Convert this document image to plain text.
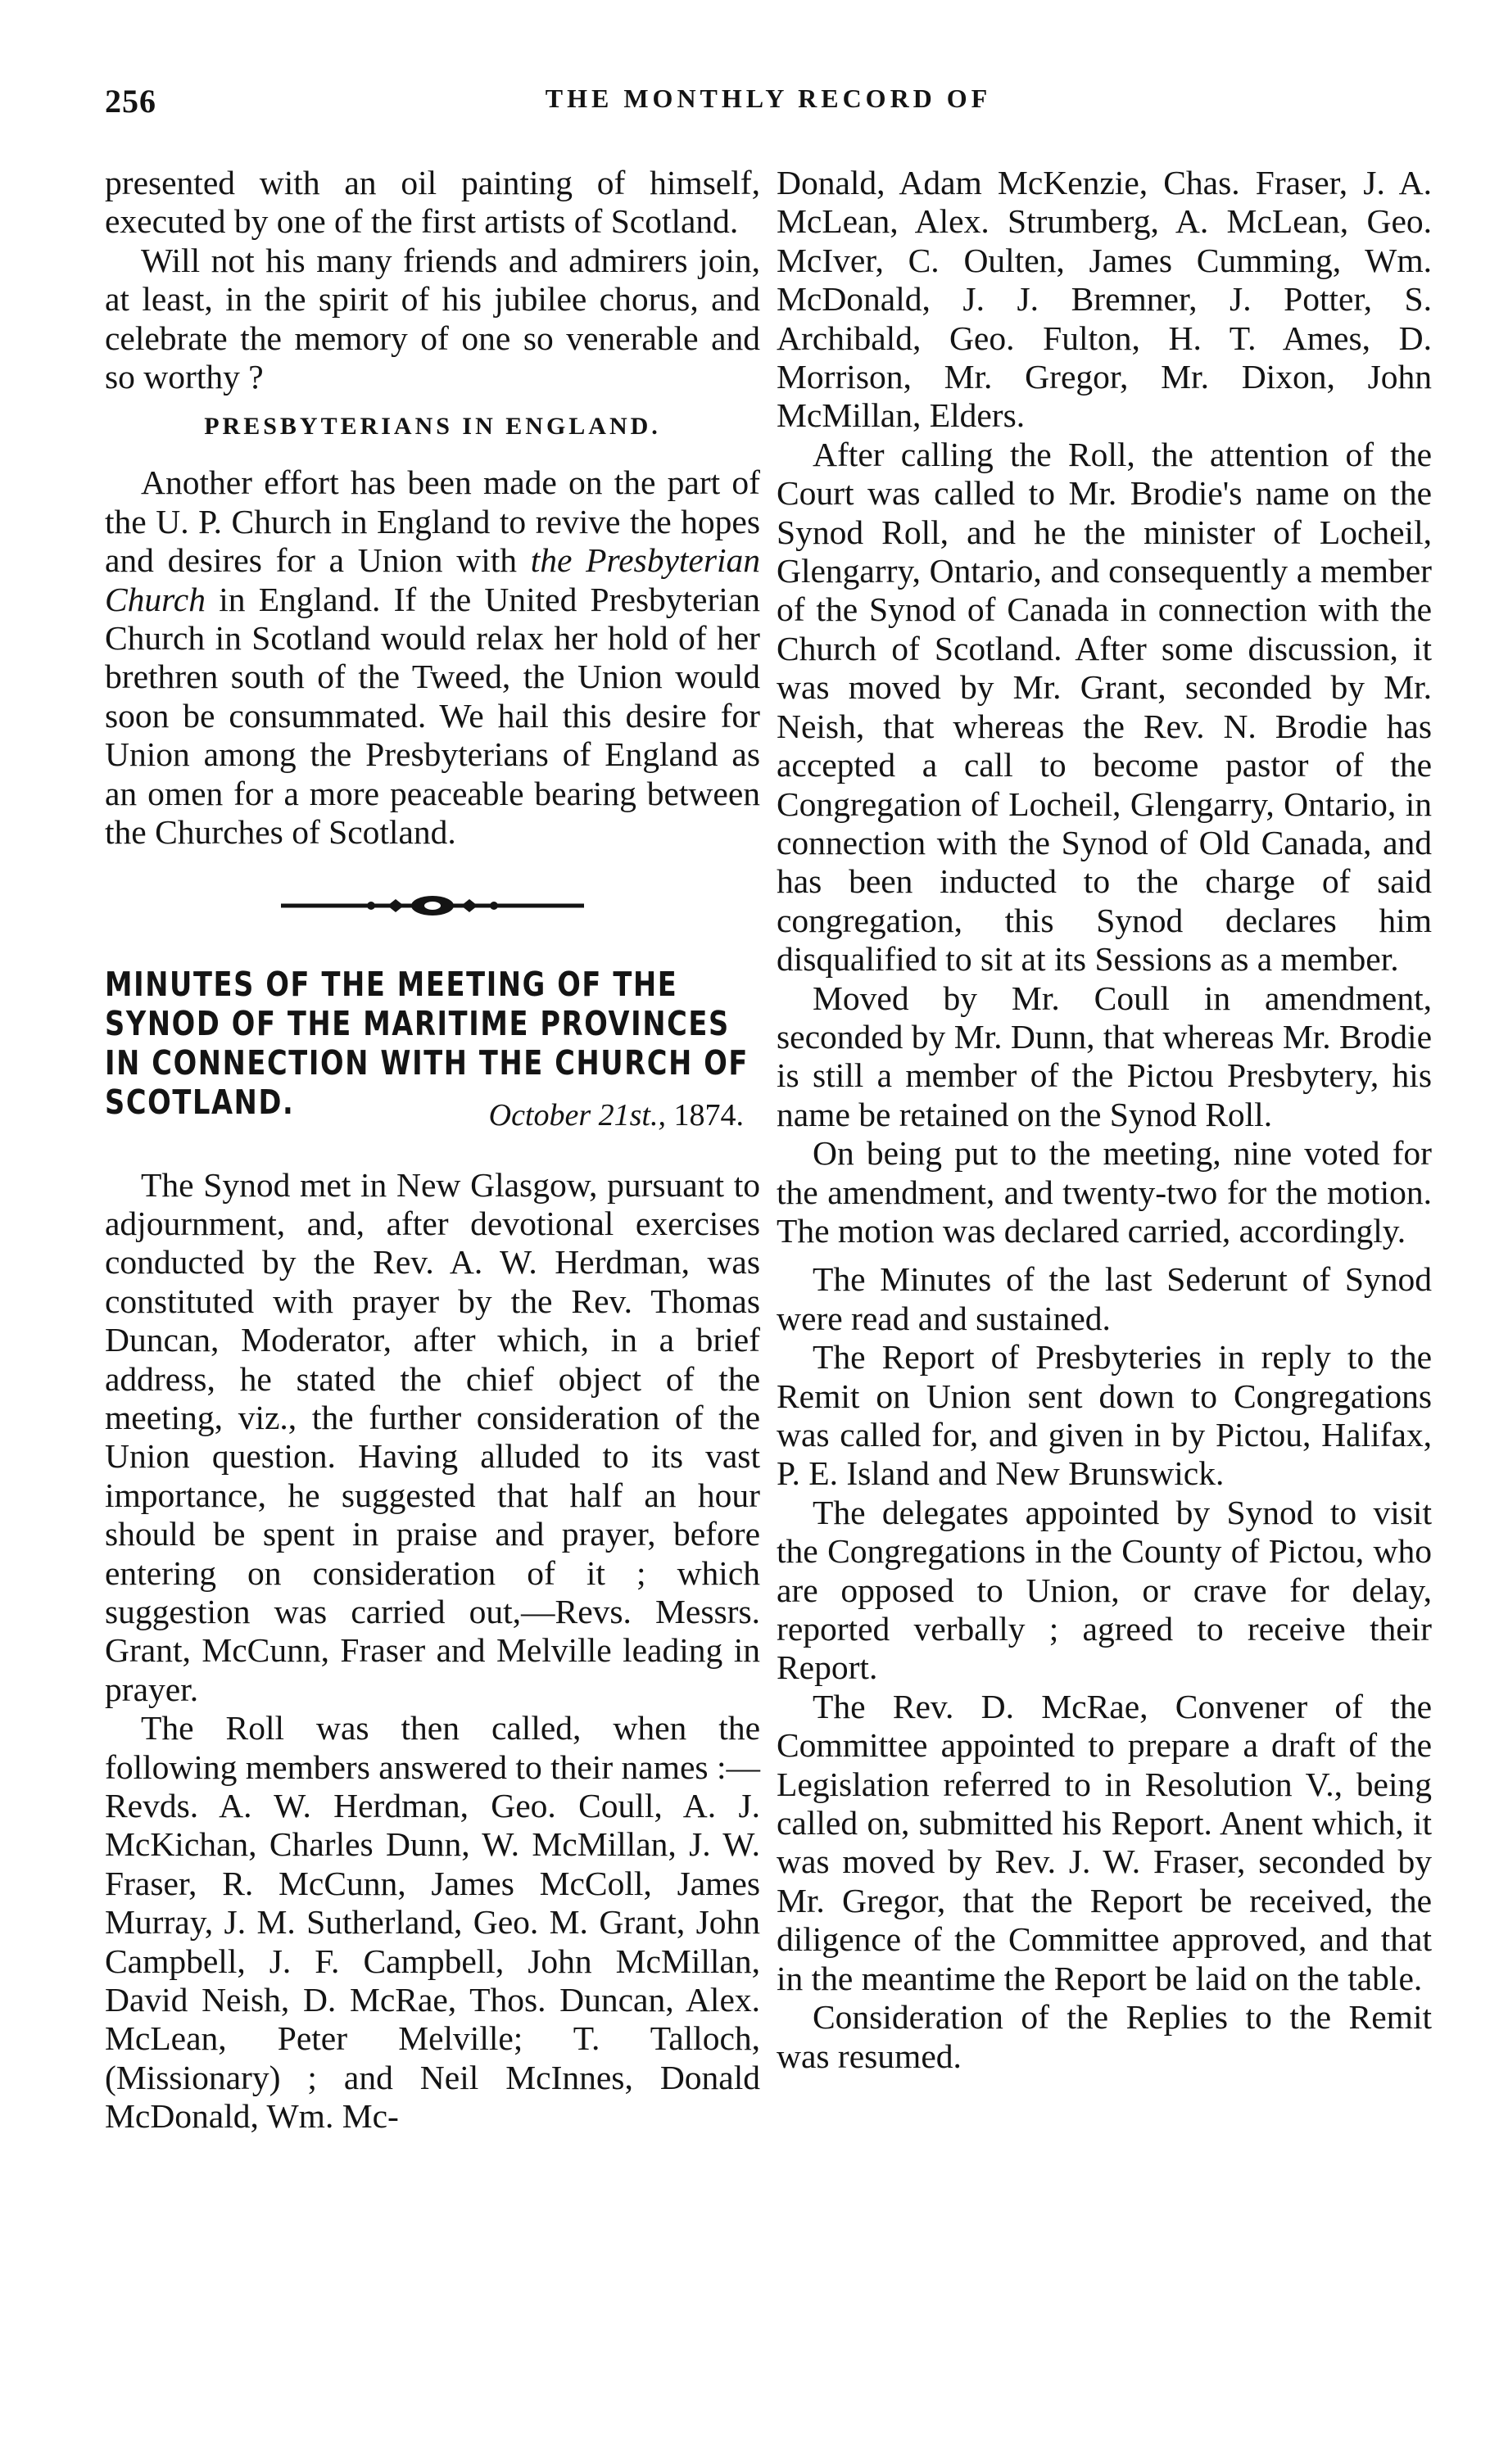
256	THE MONTHLY RECORD OF

presented with an oil painting of himself, executed by one of the first artists of Scotland.

Will not his many friends and admirers join, at least, in the spirit of his jubilee chorus, and celebrate the memory of one so venerable and so worthy ?

PRESBYTERIANS IN ENGLAND.

Another effort has been made on the part of the U. P. Church in England to revive the hopes and desires for a Union with the Presbyterian Church in England. If the United Presbyterian Church in Scotland would relax her hold of her brethren south of the Tweed, the Union would soon be consummated. We hail this desire for Union among the Presbyterians of England as an omen for a more peaceable bearing between the Churches of Scotland.

MINUTES OF THE MEETING OF THE SYNOD OF THE MARITIME PROVINCES IN CONNECTION WITH THE CHURCH OF SCOTLAND.	October 21st., 1874.

The Synod met in New Glasgow, pursuant to adjournment, and, after devotional exercises conducted by the Rev. A. W. Herdman, was constituted with prayer by the Rev. Thomas Duncan, Moderator, after which, in a brief address, he stated the chief object of the meeting, viz., the further consideration of the Union question. Having alluded to its vast importance, he suggested that half an hour should be spent in praise and prayer, before entering on consideration of it ; which suggestion was carried out,—Revs. Messrs. Grant, McCunn, Fraser and Melville leading in prayer.

The Roll was then called, when the following members answered to their names :—Revds. A. W. Herdman, Geo. Coull, A. J. McKichan, Charles Dunn, W. McMillan, J. W. Fraser, R. McCunn, James McColl, James Murray, J. M. Sutherland, Geo. M. Grant, John Campbell, J. F. Campbell, John McMillan, David Neish, D. McRae, Thos. Duncan, Alex. McLean, Peter Melville; T. Talloch, (Missionary) ; and Neil McInnes, Donald McDonald, Wm. Mc-

Donald, Adam McKenzie, Chas. Fraser, J. A. McLean, Alex. Strumberg, A. McLean, Geo. McIver, C. Oulten, James Cumming, Wm. McDonald, J. J. Bremner, J. Potter, S. Archibald, Geo. Fulton, H. T. Ames, D. Morrison, Mr. Gregor, Mr. Dixon, John McMillan, Elders.

After calling the Roll, the attention of the Court was called to Mr. Brodie's name on the Synod Roll, and he the minister of Locheil, Glengarry, Ontario, and consequently a member of the Synod of Canada in connection with the Church of Scotland. After some discussion, it was moved by Mr. Grant, seconded by Mr. Neish, that whereas the Rev. N. Brodie has accepted a call to become pastor of the Congregation of Locheil, Glengarry, Ontario, in connection with the Synod of Old Canada, and has been inducted to the charge of said congregation, this Synod declares him disqualified to sit at its Sessions as a member.

Moved by Mr. Coull in amendment, seconded by Mr. Dunn, that whereas Mr. Brodie is still a member of the Pictou Presbytery, his name be retained on the Synod Roll.

On being put to the meeting, nine voted for the amendment, and twenty-two for the motion. The motion was declared carried, accordingly.

The Minutes of the last Sederunt of Synod were read and sustained.

The Report of Presbyteries in reply to the Remit on Union sent down to Congregations was called for, and given in by Pictou, Halifax, P. E. Island and New Brunswick.

The delegates appointed by Synod to visit the Congregations in the County of Pictou, who are opposed to Union, or crave for delay, reported verbally ; agreed to receive their Report.

The Rev. D. McRae, Convener of the Committee appointed to prepare a draft of the Legislation referred to in Resolution V., being called on, submitted his Report. Anent which, it was moved by Rev. J. W. Fraser, seconded by Mr. Gregor, that the Report be received, the diligence of the Committee approved, and that in the meantime the Report be laid on the table.

Consideration of the Replies to the Remit was resumed.
